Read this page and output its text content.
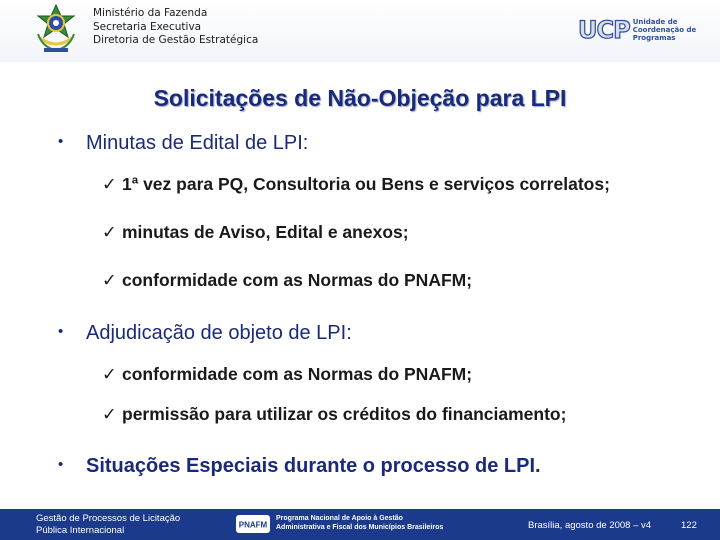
Ministério da Fazenda
Secretaria Executiva
Diretoria de Gestão Estratégica	UCP Unidade de
Coordenação de
Programas
Solicitações de Não-Objeção para LPI
• Minutas de Edital de LPI:
✓ 1ª vez para PQ, Consultoria ou Bens e serviços correlatos;
✓ minutas de Aviso, Edital e anexos;
✓ conformidade com as Normas do PNAFM;
• Adjudicação de objeto de LPI:
✓ conformidade com as Normas do PNAFM;
✓ permissão para utilizar os créditos do financiamento;
• Situações Especiais durante o processo de LPI.
Gestão de Processos de Licitação
Pública Internacional	PNAFM
Programa Nacional de Apoio à Gestão
Administrativa e Fiscal dos Municípios Brasileiros	Brasília, agosto de 2008 – v4	122
